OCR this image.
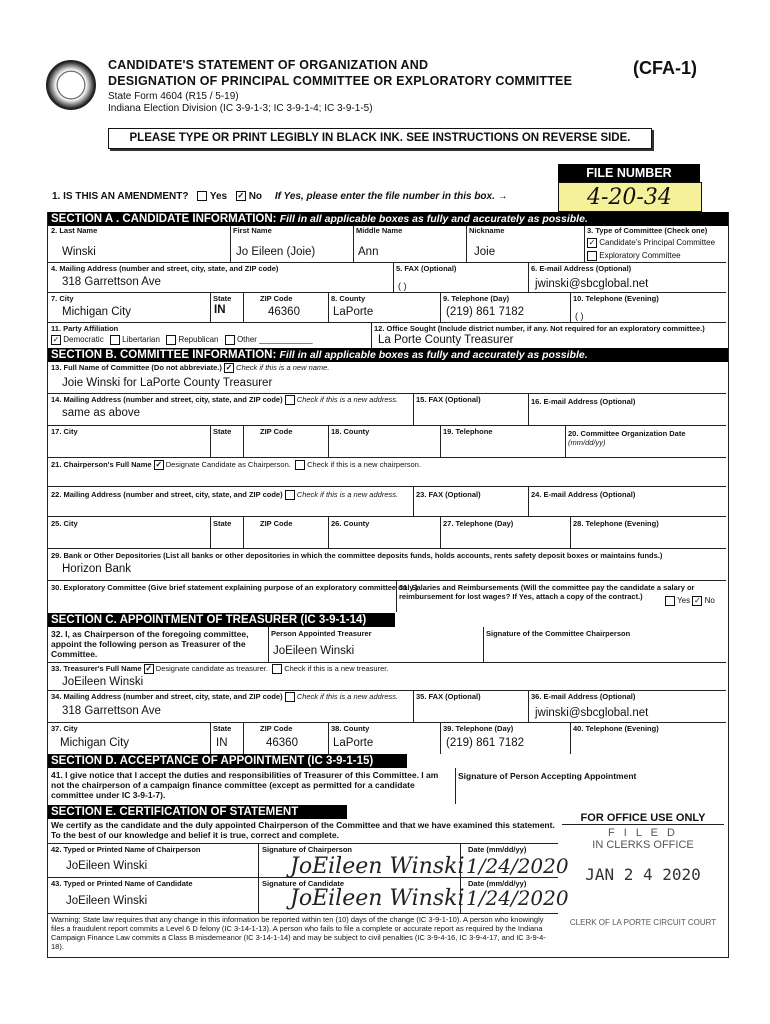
CANDIDATE'S STATEMENT OF ORGANIZATION AND
DESIGNATION OF PRINCIPAL COMMITTEE OR EXPLORATORY COMMITTEE
State Form 4604 (R15 / 5-19)
Indiana Election Division (IC 3-9-1-3; IC 3-9-1-4; IC 3-9-1-5)
(CFA-1)
PLEASE TYPE OR PRINT LEGIBLY IN BLACK INK. SEE INSTRUCTIONS ON REVERSE SIDE.
FILE NUMBER
4-20-34
1. IS THIS AN AMENDMENT? Yes ✓ No If Yes, please enter the file number in this box. →
SECTION A . CANDIDATE INFORMATION: Fill in all applicable boxes as fully and accurately as possible.
2. Last Name
Winski
First Name
Jo Eileen (Joie)
Middle Name
Ann
Nickname
Joie
3. Type of Committee (Check one)
✓ Candidate's Principal Committee
Exploratory Committee
4. Mailing Address (number and street, city, state, and ZIP code)
318 Garrettson Ave
5. FAX (Optional)
( )
6. E-mail Address (Optional)
jwinski@sbcglobal.net
7. City
Michigan City
State
IN
ZIP Code
46360
8. County
LaPorte
9. Telephone (Day)
(219) 861 7182
10. Telephone (Evening)
( )
11. Party Affiliation
✓ Democratic Libertarian Republican Other ____________
12. Office Sought (Include district number, if any. Not required for an exploratory committee.)
La Porte County Treasurer
SECTION B. COMMITTEE INFORMATION: Fill in all applicable boxes as fully and accurately as possible.
13. Full Name of Committee (Do not abbreviate.) ✓ Check if this is a new name.
Joie Winski for LaPorte County Treasurer
14. Mailing Address (number and street, city, state, and ZIP code) Check if this is a new address.
same as above
15. FAX (Optional)	16. E-mail Address (Optional)
17. City	State	ZIP Code	18. County	19. Telephone	20. Committee Organization Date
(mm/dd/yy)
21. Chairperson's Full Name ✓ Designate Candidate as Chairperson. Check if this is a new chairperson.
22. Mailing Address (number and street, city, state, and ZIP code) Check if this is a new address. 23. FAX (Optional)	24. E-mail Address (Optional)
25. City	State	ZIP Code	26. County	27. Telephone (Day)	28. Telephone (Evening)
29. Bank or Other Depositories (List all banks or other depositories in which the committee deposits funds, holds accounts, rents safety deposit boxes or maintains funds.)
Horizon Bank
30. Exploratory Committee (Give brief statement explaining purpose of an exploratory committee only.)
31. Salaries and Reimbursements (Will the committee pay the candidate a salary or reimbursement for lost wages? If Yes, attach a copy of the contract.)	Yes ✓ No
SECTION C. APPOINTMENT OF TREASURER (IC 3-9-1-14)
32. I, as Chairperson of the foregoing committee, appoint the following person as Treasurer of the Committee.
Person Appointed Treasurer
JoEileen Winski
Signature of the Committee Chairperson
33. Treasurer's Full Name ✓ Designate candidate as treasurer. Check if this is a new treasurer.
JoEileen Winski
34. Mailing Address (number and street, city, state, and ZIP code) Check if this is a new address.
318 Garrettson Ave
35. FAX (Optional)	36. E-mail Address (Optional)
jwinski@sbcglobal.net
37. City
Michigan City
State
IN
ZIP Code
46360
38. County
LaPorte
39. Telephone (Day)
(219) 861 7182
40. Telephone (Evening)
SECTION D. ACCEPTANCE OF APPOINTMENT (IC 3-9-1-15)
41. I give notice that I accept the duties and responsibilities of Treasurer of this Committee. I am not the chairperson of a campaign finance committee (except as permitted for a candidate committee under IC 3-9-1-7).
Signature of Person Accepting Appointment
SECTION E. CERTIFICATION OF STATEMENT
We certify as the candidate and the duly appointed Chairperson of the Committee and that we have examined this statement. To the best of our knowledge and belief it is true, correct and complete.
42. Typed or Printed Name of Chairperson
JoEileen Winski
Signature of Chairperson	Date (mm/dd/yy)
JoEileen Winski 1/24/2020
43. Typed or Printed Name of Candidate
JoEileen Winski
Signature of Candidate	Date (mm/dd/yy)
JoEileen Winski 1/24/2020
Warning: State law requires that any change in this information be reported within ten (10) days of the change (IC 3-9-1-10). A person who knowingly files a fraudulent report commits a Level 6 D felony (IC 3-14-1-13). A person who fails to file a complete or accurate report as required by the Indiana Campaign Finance Law commits a Class B misdemeanor (IC 3-14-1-14) and may be subject to civil penalties (IC 3-9-4-16, IC 3-9-4-17, and IC 3-9-4-18).
FOR OFFICE USE ONLY
F I L E D
IN CLERKS OFFICE
JAN 2 4 2020
CLERK OF LA PORTE CIRCUIT COURT
